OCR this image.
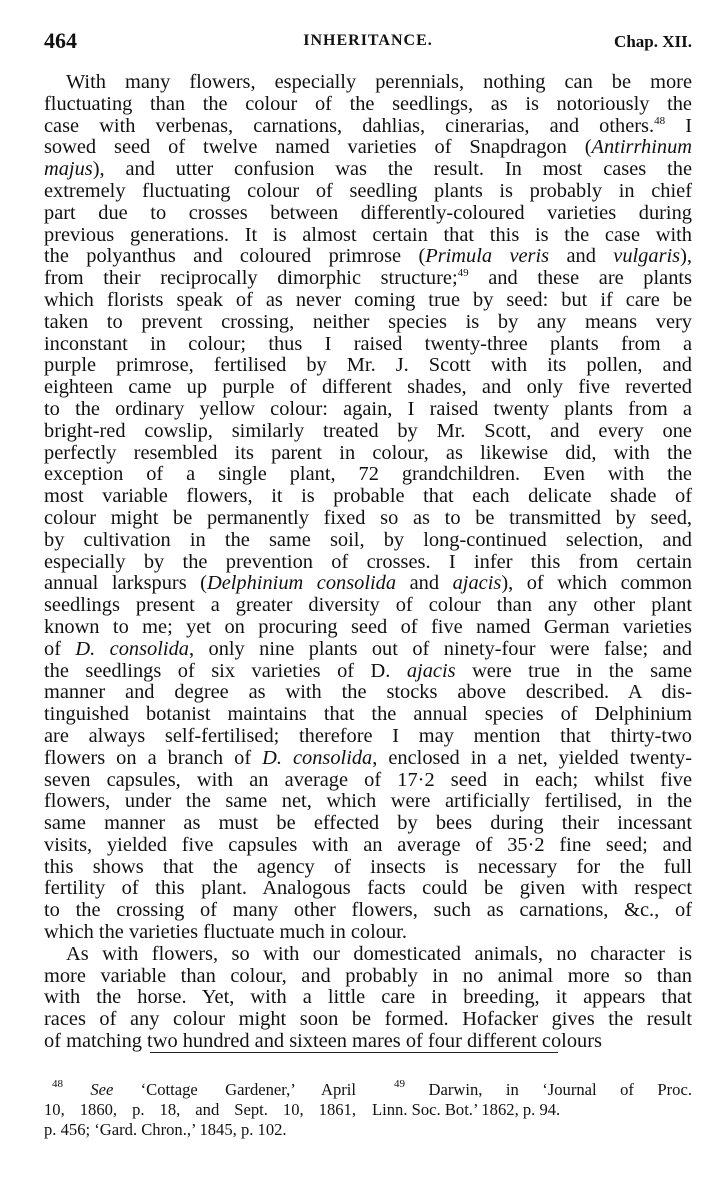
464	INHERITANCE.	Chap. XII.
With many flowers, especially perennials, nothing can be more
fluctuating than the colour of the seedlings, as is notoriously the
case with verbenas, carnations, dahlias, cinerarias, and others.$^{48}$ I
sowed seed of twelve named varieties of Snapdragon (Antirrhinum
majus), and utter confusion was the result. In most cases the
extremely fluctuating colour of seedling plants is probably in chief
part due to crosses between differently-coloured varieties during
previous generations. It is almost certain that this is the case with
the polyanthus and coloured primrose (Primula veris and vulgaris),
from their reciprocally dimorphic structure;$^{49}$ and these are plants
which florists speak of as never coming true by seed: but if care be
taken to prevent crossing, neither species is by any means very
inconstant in colour; thus I raised twenty-three plants from a
purple primrose, fertilised by Mr. J. Scott with its pollen, and
eighteen came up purple of different shades, and only five reverted
to the ordinary yellow colour: again, I raised twenty plants from a
bright-red cowslip, similarly treated by Mr. Scott, and every one
perfectly resembled its parent in colour, as likewise did, with the
exception of a single plant, 72 grandchildren. Even with the
most variable flowers, it is probable that each delicate shade of
colour might be permanently fixed so as to be transmitted by seed,
by cultivation in the same soil, by long-continued selection, and
especially by the prevention of crosses. I infer this from certain
annual larkspurs (Delphinium consolida and ajacis), of which common
seedlings present a greater diversity of colour than any other plant
known to me; yet on procuring seed of five named German varieties
of D. consolida, only nine plants out of ninety-four were false; and
the seedlings of six varieties of D. ajacis were true in the same
manner and degree as with the stocks above described. A dis-
tinguished botanist maintains that the annual species of Delphinium
are always self-fertilised; therefore I may mention that thirty-two
flowers on a branch of D. consolida, enclosed in a net, yielded twenty-
seven capsules, with an average of 17·2 seed in each; whilst five
flowers, under the same net, which were artificially fertilised, in the
same manner as must be effected by bees during their incessant
visits, yielded five capsules with an average of 35·2 fine seed; and
this shows that the agency of insects is necessary for the full
fertility of this plant. Analogous facts could be given with respect
to the crossing of many other flowers, such as carnations, &c., of
which the varieties fluctuate much in colour.
As with flowers, so with our domesticated animals, no character is
more variable than colour, and probably in no animal more so than
with the horse. Yet, with a little care in breeding, it appears that
races of any colour might soon be formed. Hofacker gives the result
of matching two hundred and sixteen mares of four different colours
$^{48}$ See ‘Cottage Gardener,’ April
10, 1860, p. 18, and Sept. 10, 1861,
p. 456; ‘Gard. Chron.,’ 1845, p. 102.
$^{49}$ Darwin, in ‘Journal of Proc.
Linn. Soc. Bot.’ 1862, p. 94.
